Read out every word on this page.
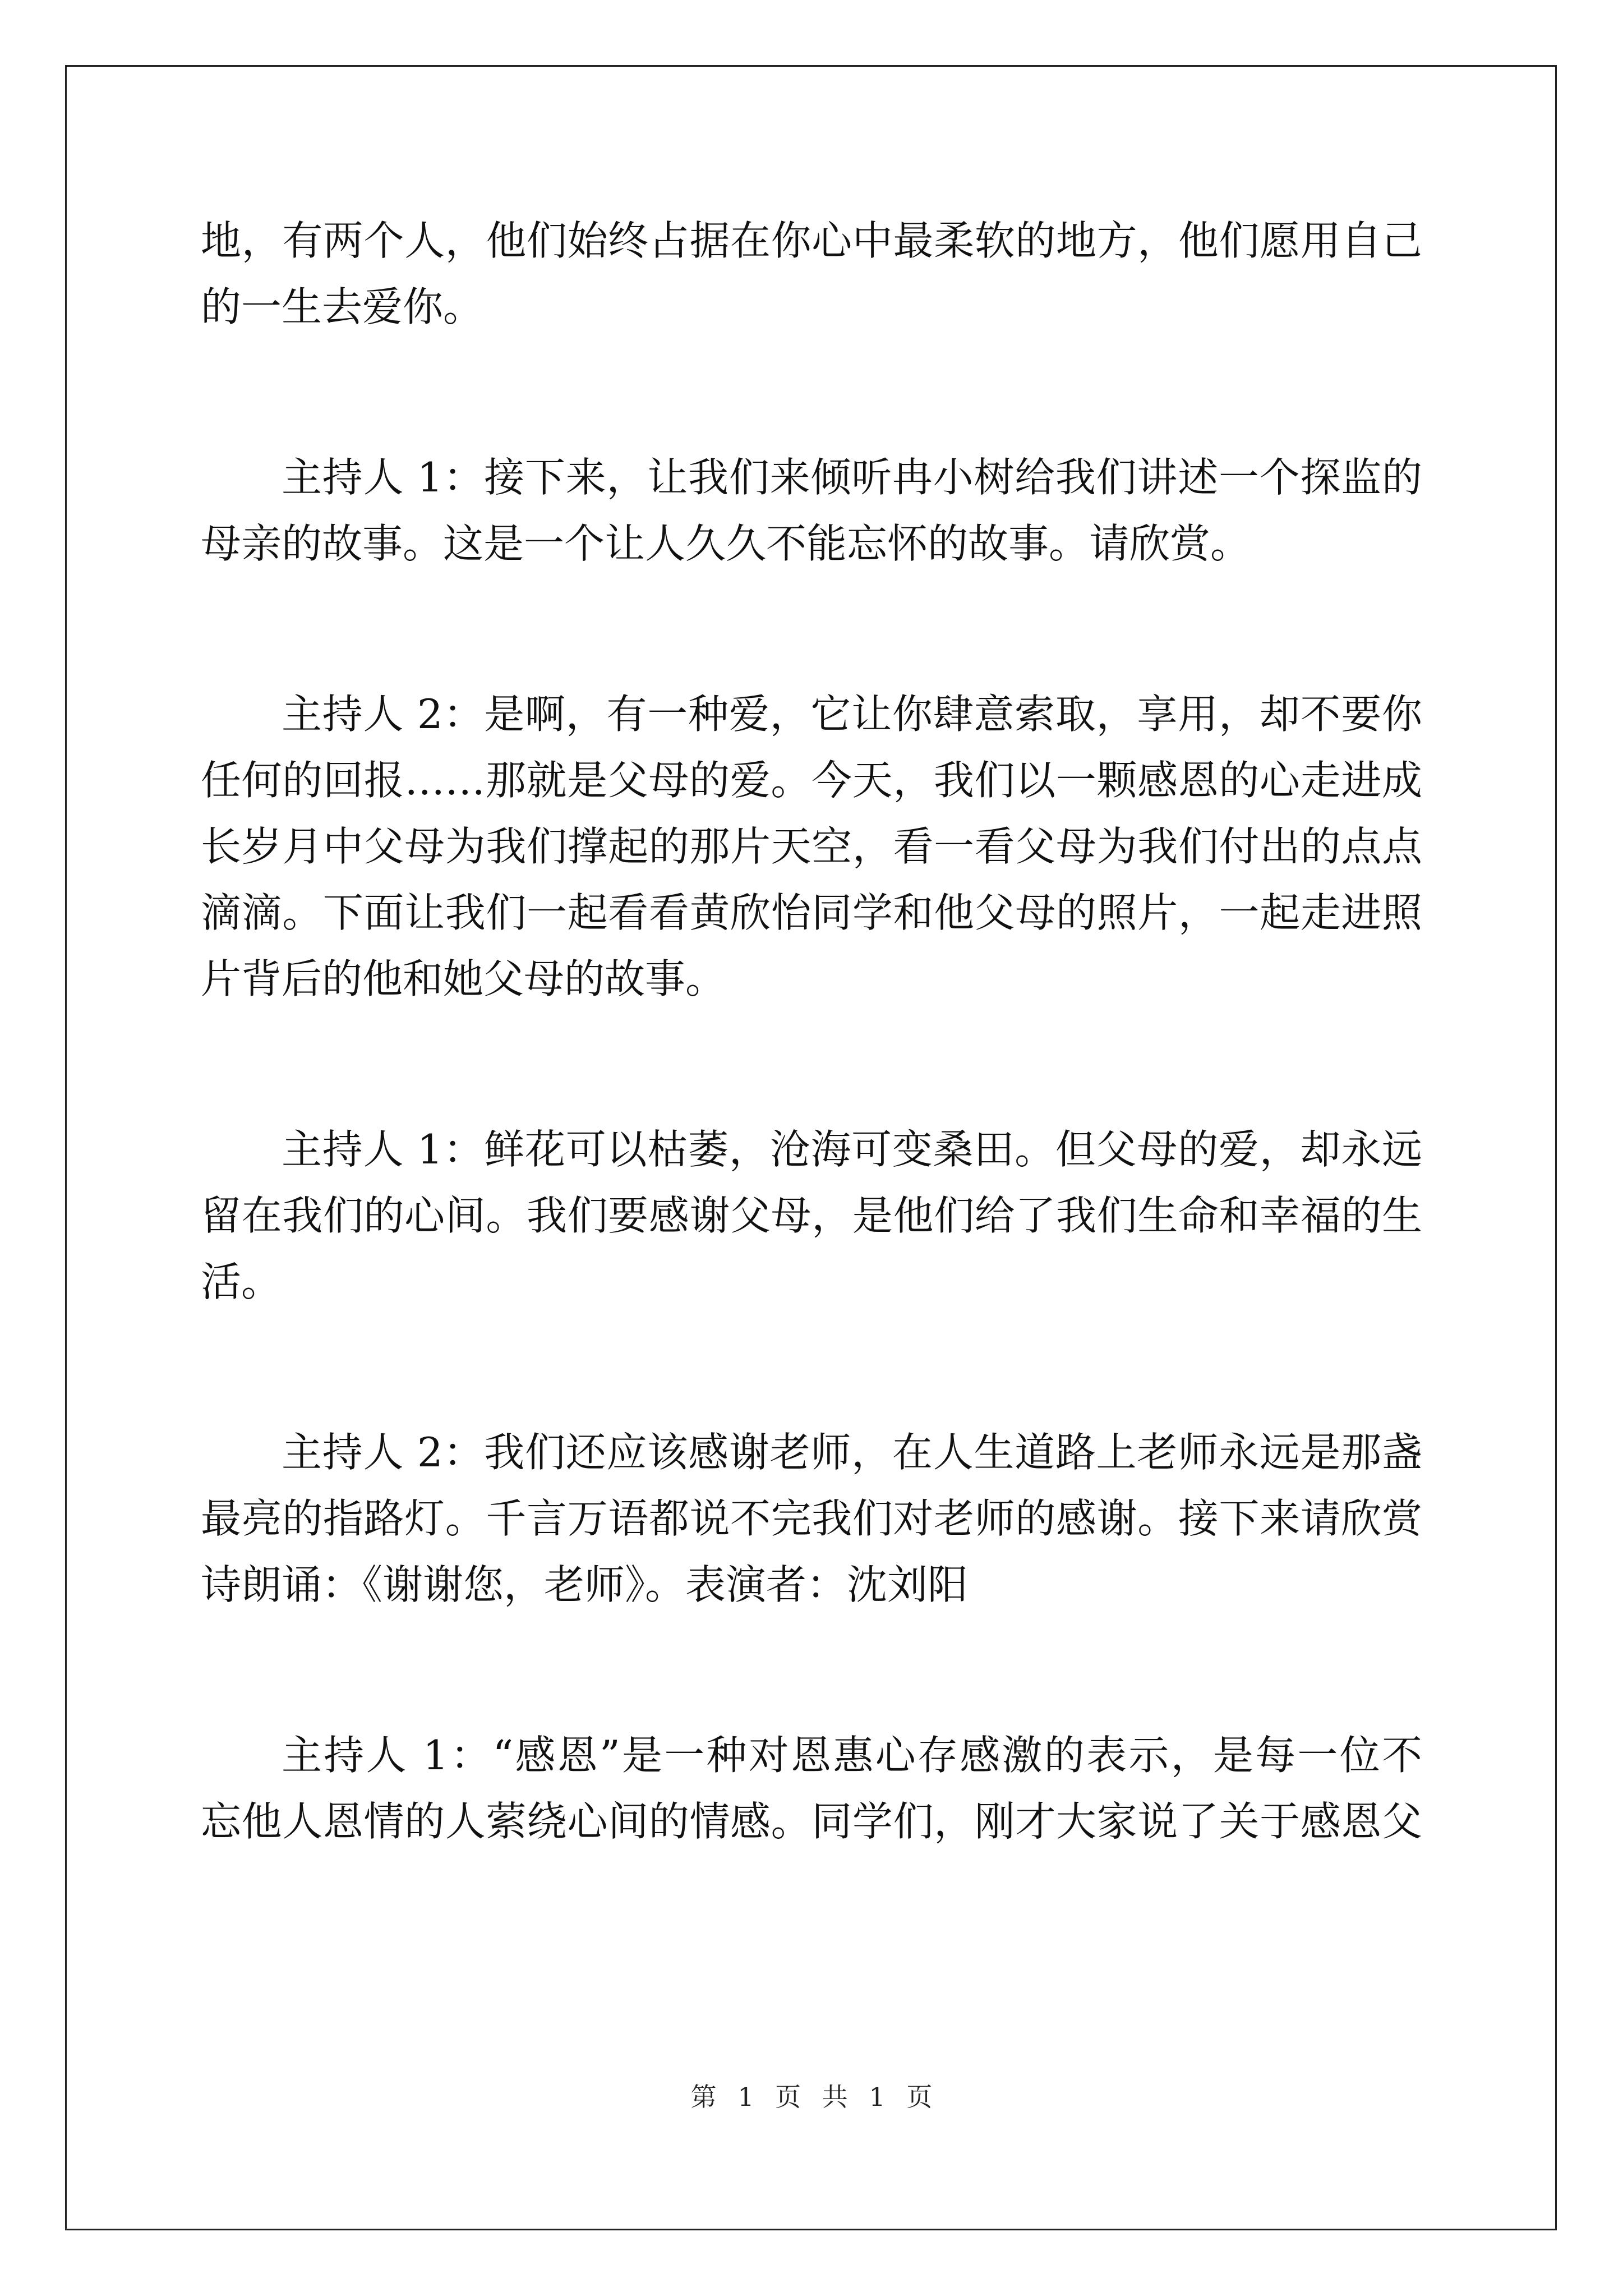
地，有两个人，他们始终占据在你心中最柔软的地方，他们愿用自己
的一生去爱你。
主持人 1：接下来，让我们来倾听冉小树给我们讲述一个探监的
母亲的故事。这是一个让人久久不能忘怀的故事。请欣赏。
主持人 2：是啊，有一种爱，它让你肆意索取，享用，却不要你
任何的回报……那就是父母的爱。今天，我们以一颗感恩的心走进成
长岁月中父母为我们撑起的那片天空，看一看父母为我们付出的点点
滴滴。下面让我们一起看看黄欣怡同学和他父母的照片，一起走进照
片背后的他和她父母的故事。
主持人 1：鲜花可以枯萎，沧海可变桑田。但父母的爱，却永远
留在我们的心间。我们要感谢父母，是他们给了我们生命和幸福的生
活。
主持人 2：我们还应该感谢老师，在人生道路上老师永远是那盏
最亮的指路灯。千言万语都说不完我们对老师的感谢。接下来请欣赏
诗朗诵：《谢谢您，老师》。表演者：沈刘阳
主持人 1：“感恩”是一种对恩惠心存感激的表示，是每一位不
忘他人恩情的人萦绕心间的情感。同学们，刚才大家说了关于感恩父
第 1 页 共 1 页
